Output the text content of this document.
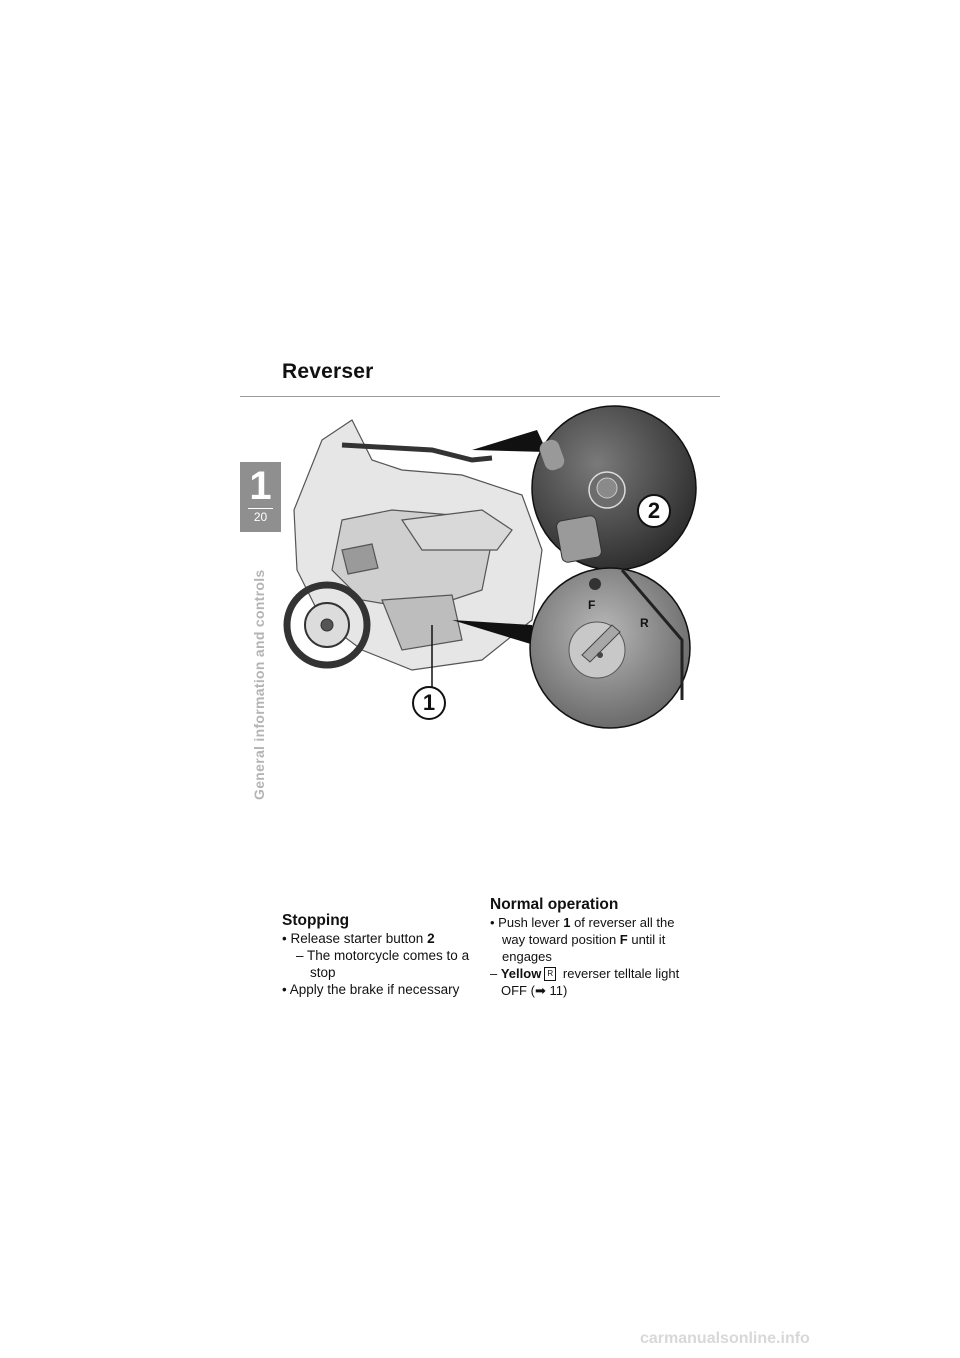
Reverser
1
20
General information and controls
2
1
F
R
Stopping
• Release starter button 2
– The motorcycle comes to a stop
• Apply the brake if necessary
Normal operation
• Push lever 1 of reverser all the way toward position F until it engages
– Yellow R reverser telltale light OFF (➡ 11)
carmanualsonline.info
